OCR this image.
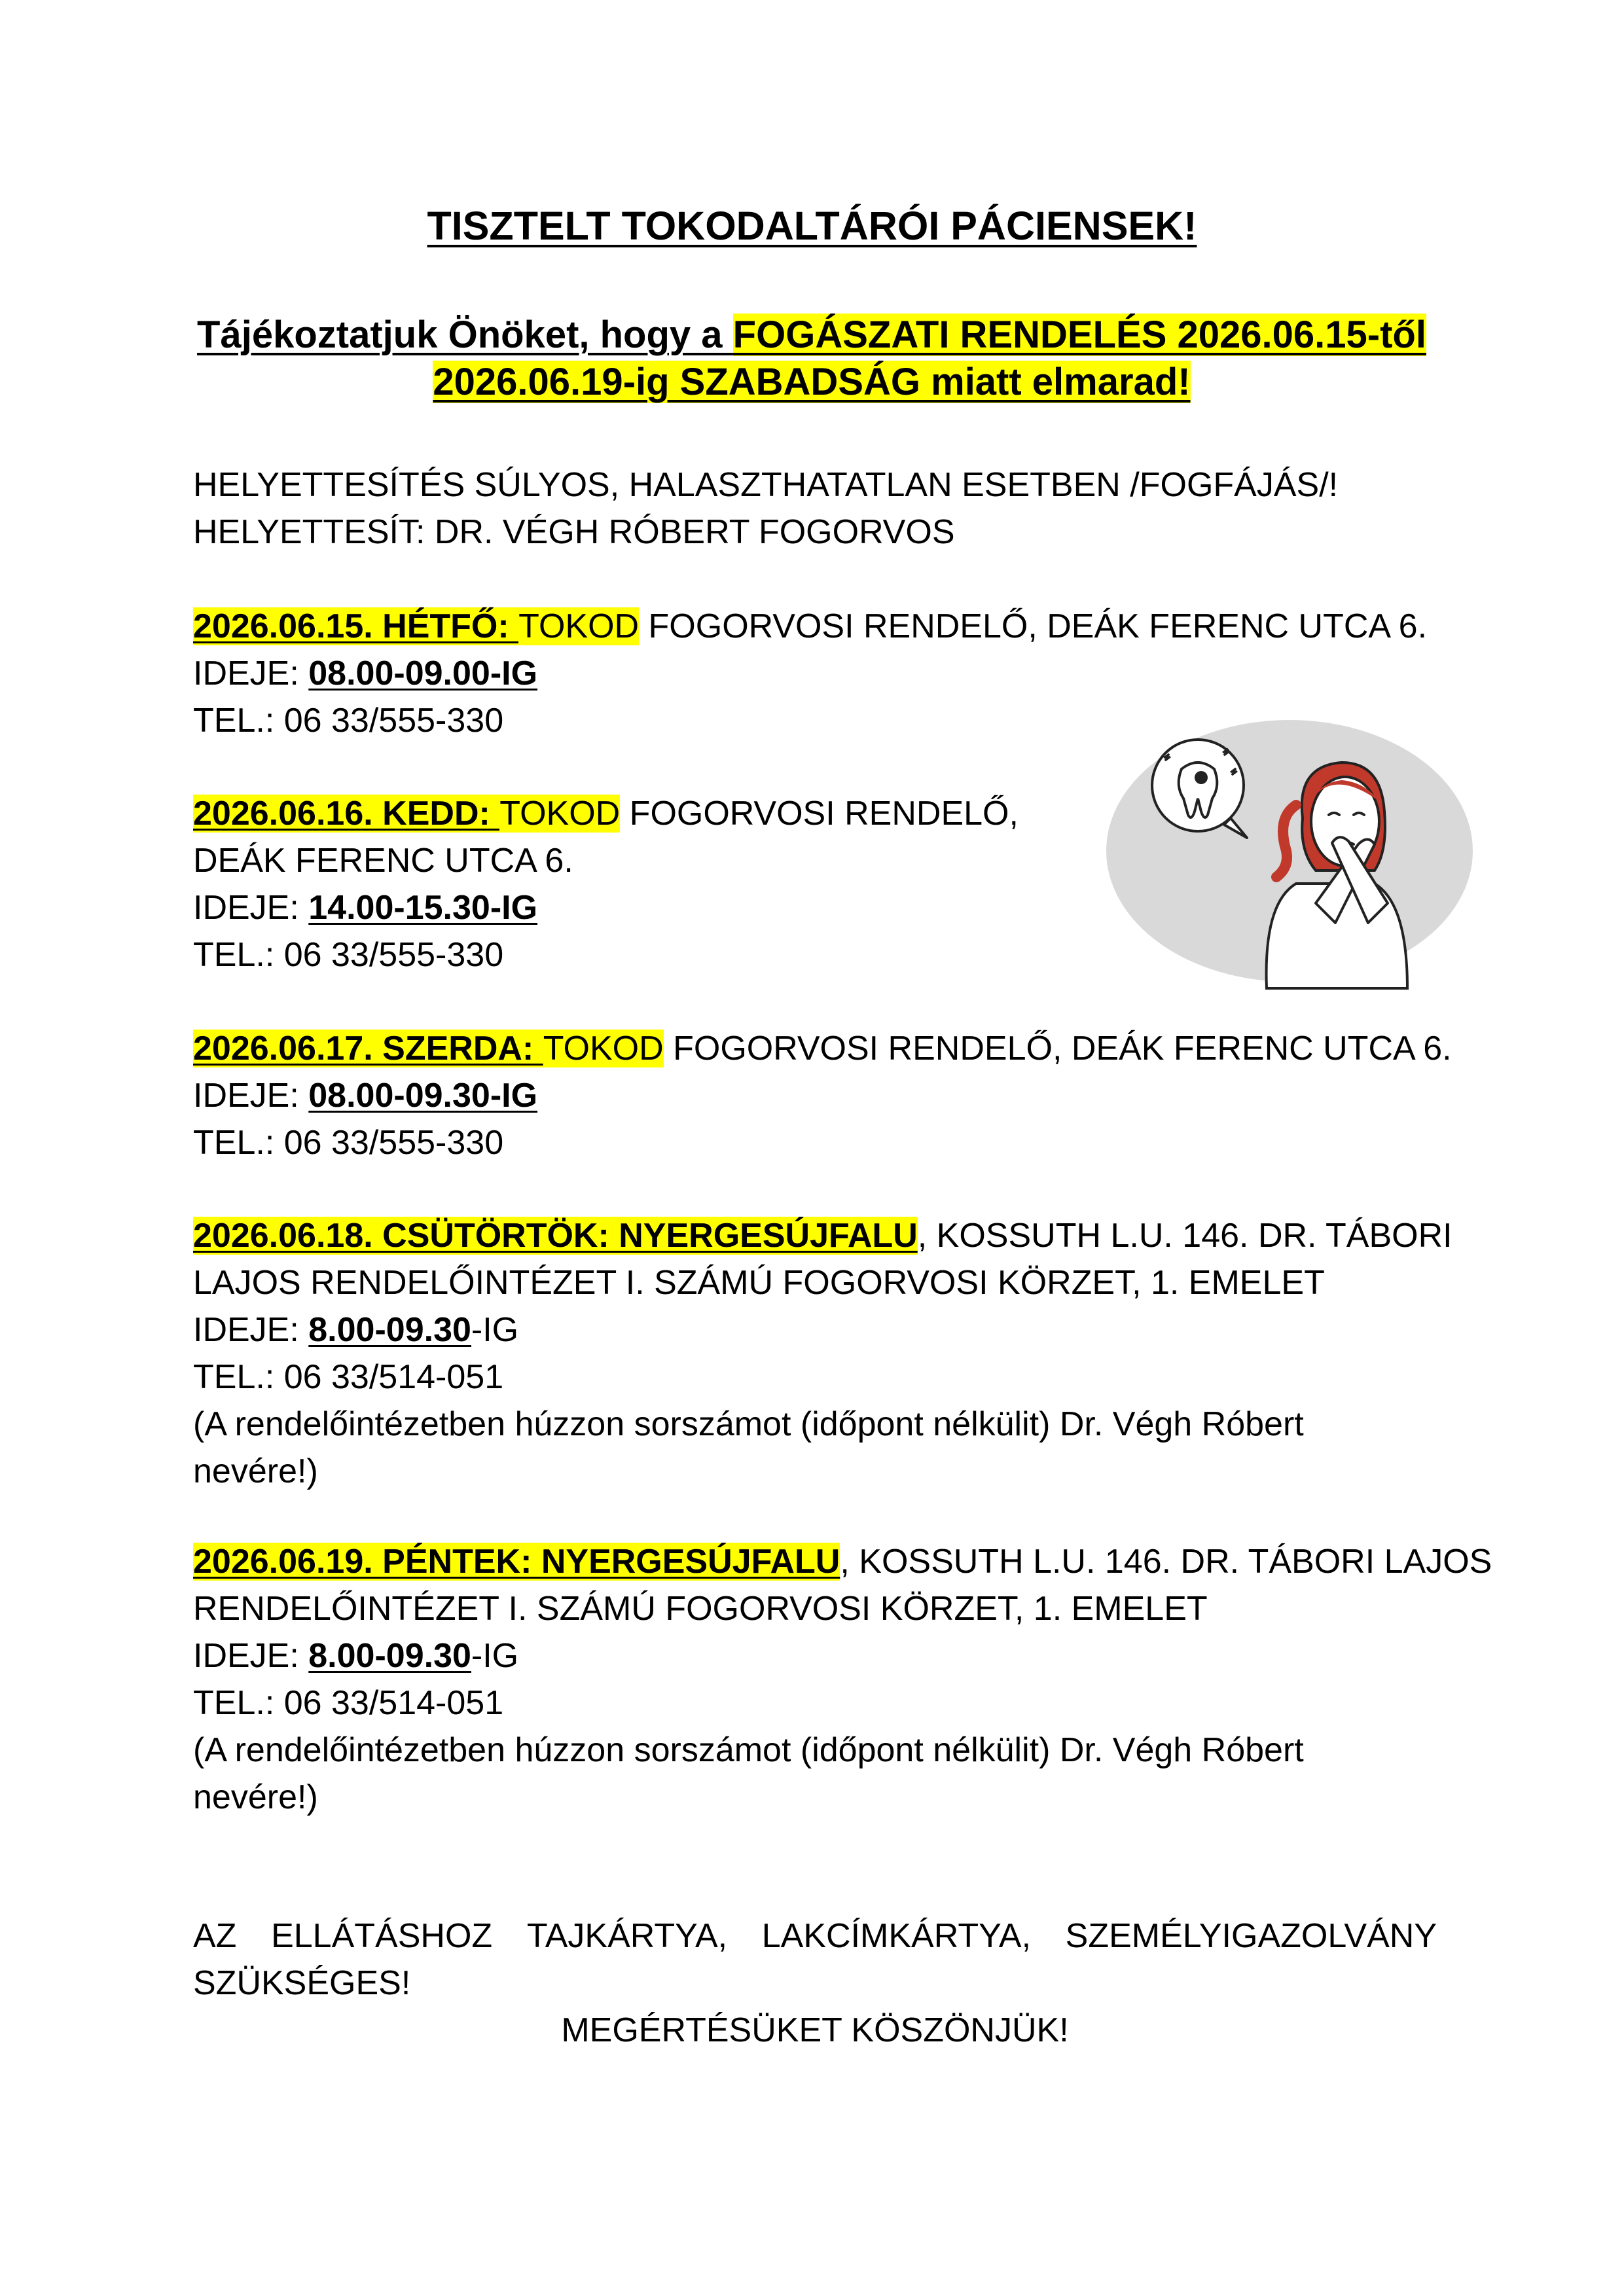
TISZTELT TOKODALTÁRÓI PÁCIENSEK!
Tájékoztatjuk Önöket, hogy a FOGÁSZATI RENDELÉS 2026.06.15-től
2026.06.19-ig SZABADSÁG miatt elmarad!
HELYETTESÍTÉS SÚLYOS, HALASZTHATATLAN ESETBEN /FOGFÁJÁS/!
HELYETTESÍT: DR. VÉGH RÓBERT FOGORVOS
2026.06.15. HÉTFŐ: TOKOD FOGORVOSI RENDELŐ, DEÁK FERENC UTCA 6.
IDEJE: 08.00-09.00-IG
TEL.: 06 33/555-330
2026.06.16. KEDD: TOKOD FOGORVOSI RENDELŐ,
DEÁK FERENC UTCA 6.
IDEJE: 14.00-15.30-IG
TEL.: 06 33/555-330
2026.06.17. SZERDA: TOKOD FOGORVOSI RENDELŐ, DEÁK FERENC UTCA 6.
IDEJE: 08.00-09.30-IG
TEL.: 06 33/555-330
2026.06.18. CSÜTÖRTÖK: NYERGESÚJFALU, KOSSUTH L.U. 146. DR. TÁBORI
LAJOS RENDELŐINTÉZET I. SZÁMÚ FOGORVOSI KÖRZET, 1. EMELET
IDEJE: 8.00-09.30-IG
TEL.: 06 33/514-051
(A rendelőintézetben húzzon sorszámot (időpont nélkülit) Dr. Végh Róbert
nevére!)
2026.06.19. PÉNTEK: NYERGESÚJFALU, KOSSUTH L.U. 146. DR. TÁBORI LAJOS
RENDELŐINTÉZET I. SZÁMÚ FOGORVOSI KÖRZET, 1. EMELET
IDEJE: 8.00-09.30-IG
TEL.: 06 33/514-051
(A rendelőintézetben húzzon sorszámot (időpont nélkülit) Dr. Végh Róbert
nevére!)
AZ ELLÁTÁSHOZ TAJKÁRTYA, LAKCÍMKÁRTYA, SZEMÉLYIGAZOLVÁNY
SZÜKSÉGES!
MEGÉRTÉSÜKET KÖSZÖNJÜK!
